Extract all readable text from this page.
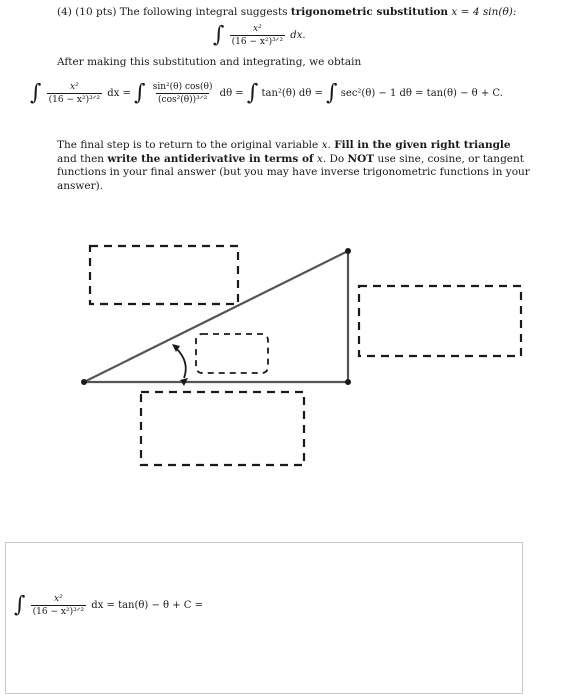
(4) (10 pts) The following integral suggests trigonometric substitution x = 4 sin(θ):
∫ $\frac{\text{x²}}{\text{(16 − x²)³ᐟ²}}$ dx.
After making this substitution and integrating, we obtain
∫ $\frac{\text{x²}}{\text{(16 − x²)³ᐟ²}}$ dx = ∫ $\frac{\text{sin²(θ) cos(θ)}}{\text{(cos²(θ))³ᐟ²}}$ dθ = ∫ tan²(θ) dθ = ∫ sec²(θ) − 1 dθ = tan(θ) − θ + C.
The final step is to return to the original variable x. Fill in the given right triangle
and then write the antiderivative in terms of x. Do NOT use sine, cosine, or tangent
functions in your final answer (but you may have inverse trigonometric functions in your
answer).
∫ $\frac{\text{x²}}{\text{(16 − x²)³ᐟ²}}$ dx = tan(θ) − θ + C =
